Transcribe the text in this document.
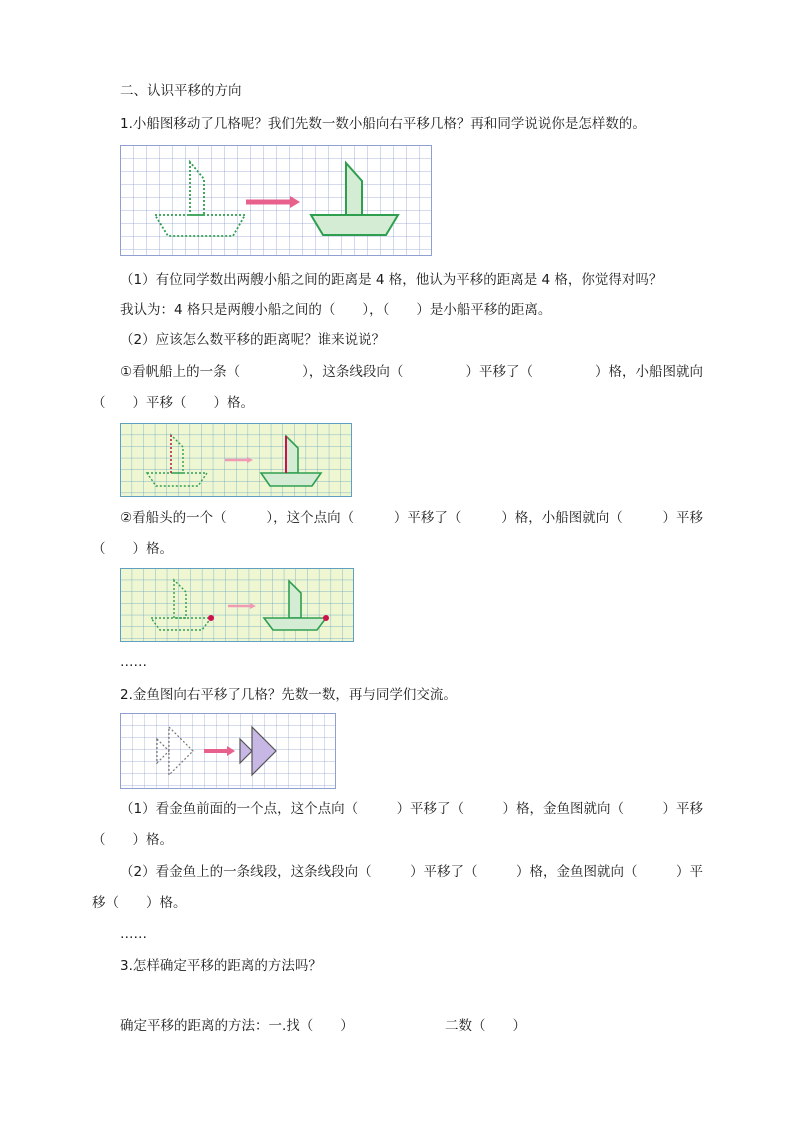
二、认识平移的方向
1.小船图移动了几格呢？我们先数一数小船向右平移几格？再和同学说说你是怎样数的。
（1）有位同学数出两艘小船之间的距离是 4 格，他认为平移的距离是 4 格，你觉得对吗？
我认为：4 格只是两艘小船之间的（　　），（　　）是小船平移的距离。
（2）应该怎么数平移的距离呢？谁来说说？
①看帆船上的一条（	），这条线段向（	）平移了（	）格，小船图就向
（　　）平移（　　）格。
②看船头的一个（	），这个点向（	）平移了（	）格，小船图就向（	）平移
（　　）格。
……
2.金鱼图向右平移了几格？先数一数，再与同学们交流。
（1）看金鱼前面的一个点，这个点向（	）平移了（	）格，金鱼图就向（	）平移
（　　）格。
（2）看金鱼上的一条线段，这条线段向（	）平移了（	）格，金鱼图就向（	）平
移（　　）格。
……
3.怎样确定平移的距离的方法吗？
确定平移的距离的方法：一.找（　　）	二数（　　）
